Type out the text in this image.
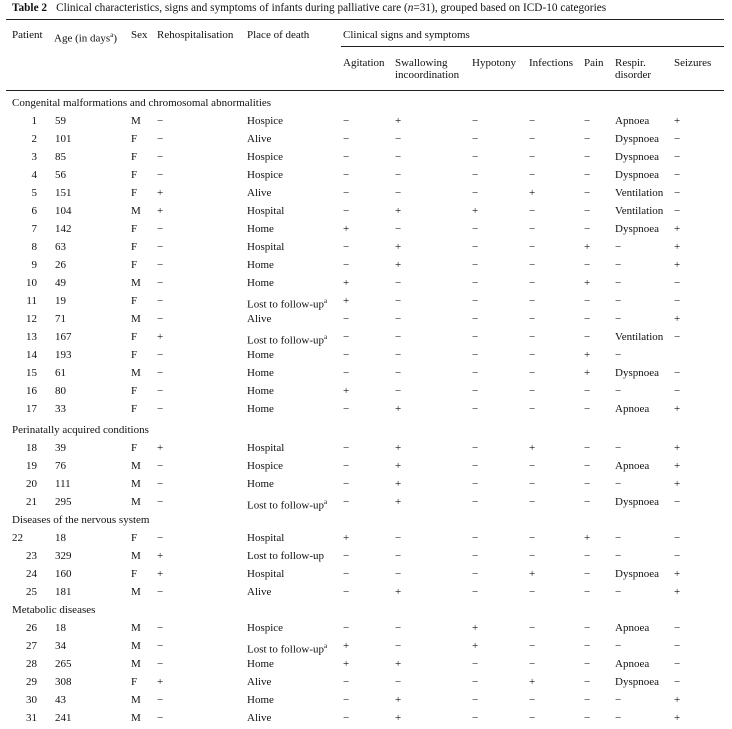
Table 2 Clinical characteristics, signs and symptoms of infants during palliative care (n=31), grouped based on ICD-10 categories
Patient Age (in days$^a$) Sex Rehospitalisation Place of death	Clinical signs and symptoms
Agitation Swallowing
incoordination
Hypotony Infections Pain Respir.
disorder
Seizures
Congenital malformations and chromosomal abnormalities
1 59	M −	Hospice	−	+	−	−	− Apnoea +
2 101	F −	Alive	−	−	−	−	− Dyspnoea −
3 85	F −	Hospice	−	−	−	−	− Dyspnoea −
4 56	F −	Hospice	−	−	−	−	− Dyspnoea −
5 151	F +	Alive	−	−	−	+	− Ventilation −
6 104	M +	Hospital	−	+	+	−	− Ventilation −
7 142	F −	Home	+	−	−	−	− Dyspnoea +
8 63	F −	Hospital	−	+	−	−	+ −	+
9 26	F −	Home	−	+	−	−	− −	+
10 49	M −	Home	+	−	−	−	+ −	−
11 19	F −	Lost to follow-$up^a$ +	−	−	−	− −	−
12 71	M −	Alive	−	−	−	−	− −	+
13 167	F +	Lost to follow-$up^a$ −	−	−	−	− Ventilation −
14 193	F −	Home	−	−	−	−	+ −
15 61	M −	Home	−	−	−	−	+ Dyspnoea −
16 80	F −	Home	+	−	−	−	− −	−
17 33	F −	Home	−	+	−	−	− Apnoea +
Perinatally acquired conditions
18 39	F +	Hospital	−	+	−	+	− −	+
19 76	M −	Hospice	−	+	−	−	− Apnoea +
20 111	M −	Home	−	+	−	−	− −	+
21 295	M −	Lost to follow-$up^a$ −	+	−	−	− Dyspnoea −
Diseases of the nervous system
22	18	F −	Hospital	+	−	−	−	+ −	−
23 329	M +	Lost to follow-up −	−	−	−	− −	−
24 160	F +	Hospital	−	−	−	+	− Dyspnoea +
25 181	M −	Alive	−	+	−	−	− −	+
Metabolic diseases
26 18	M −	Hospice	−	−	+	−	− Apnoea −
27 34	M −	Lost to follow-$up^a$ +	−	+	−	− −	−
28 265	M −	Home	+	+	−	−	− Apnoea −
29 308	F +	Alive	−	−	−	+	− Dyspnoea −
30 43	M −	Home	−	+	−	−	− −	+
31 241	M −	Alive	−	+	−	−	− −	+
